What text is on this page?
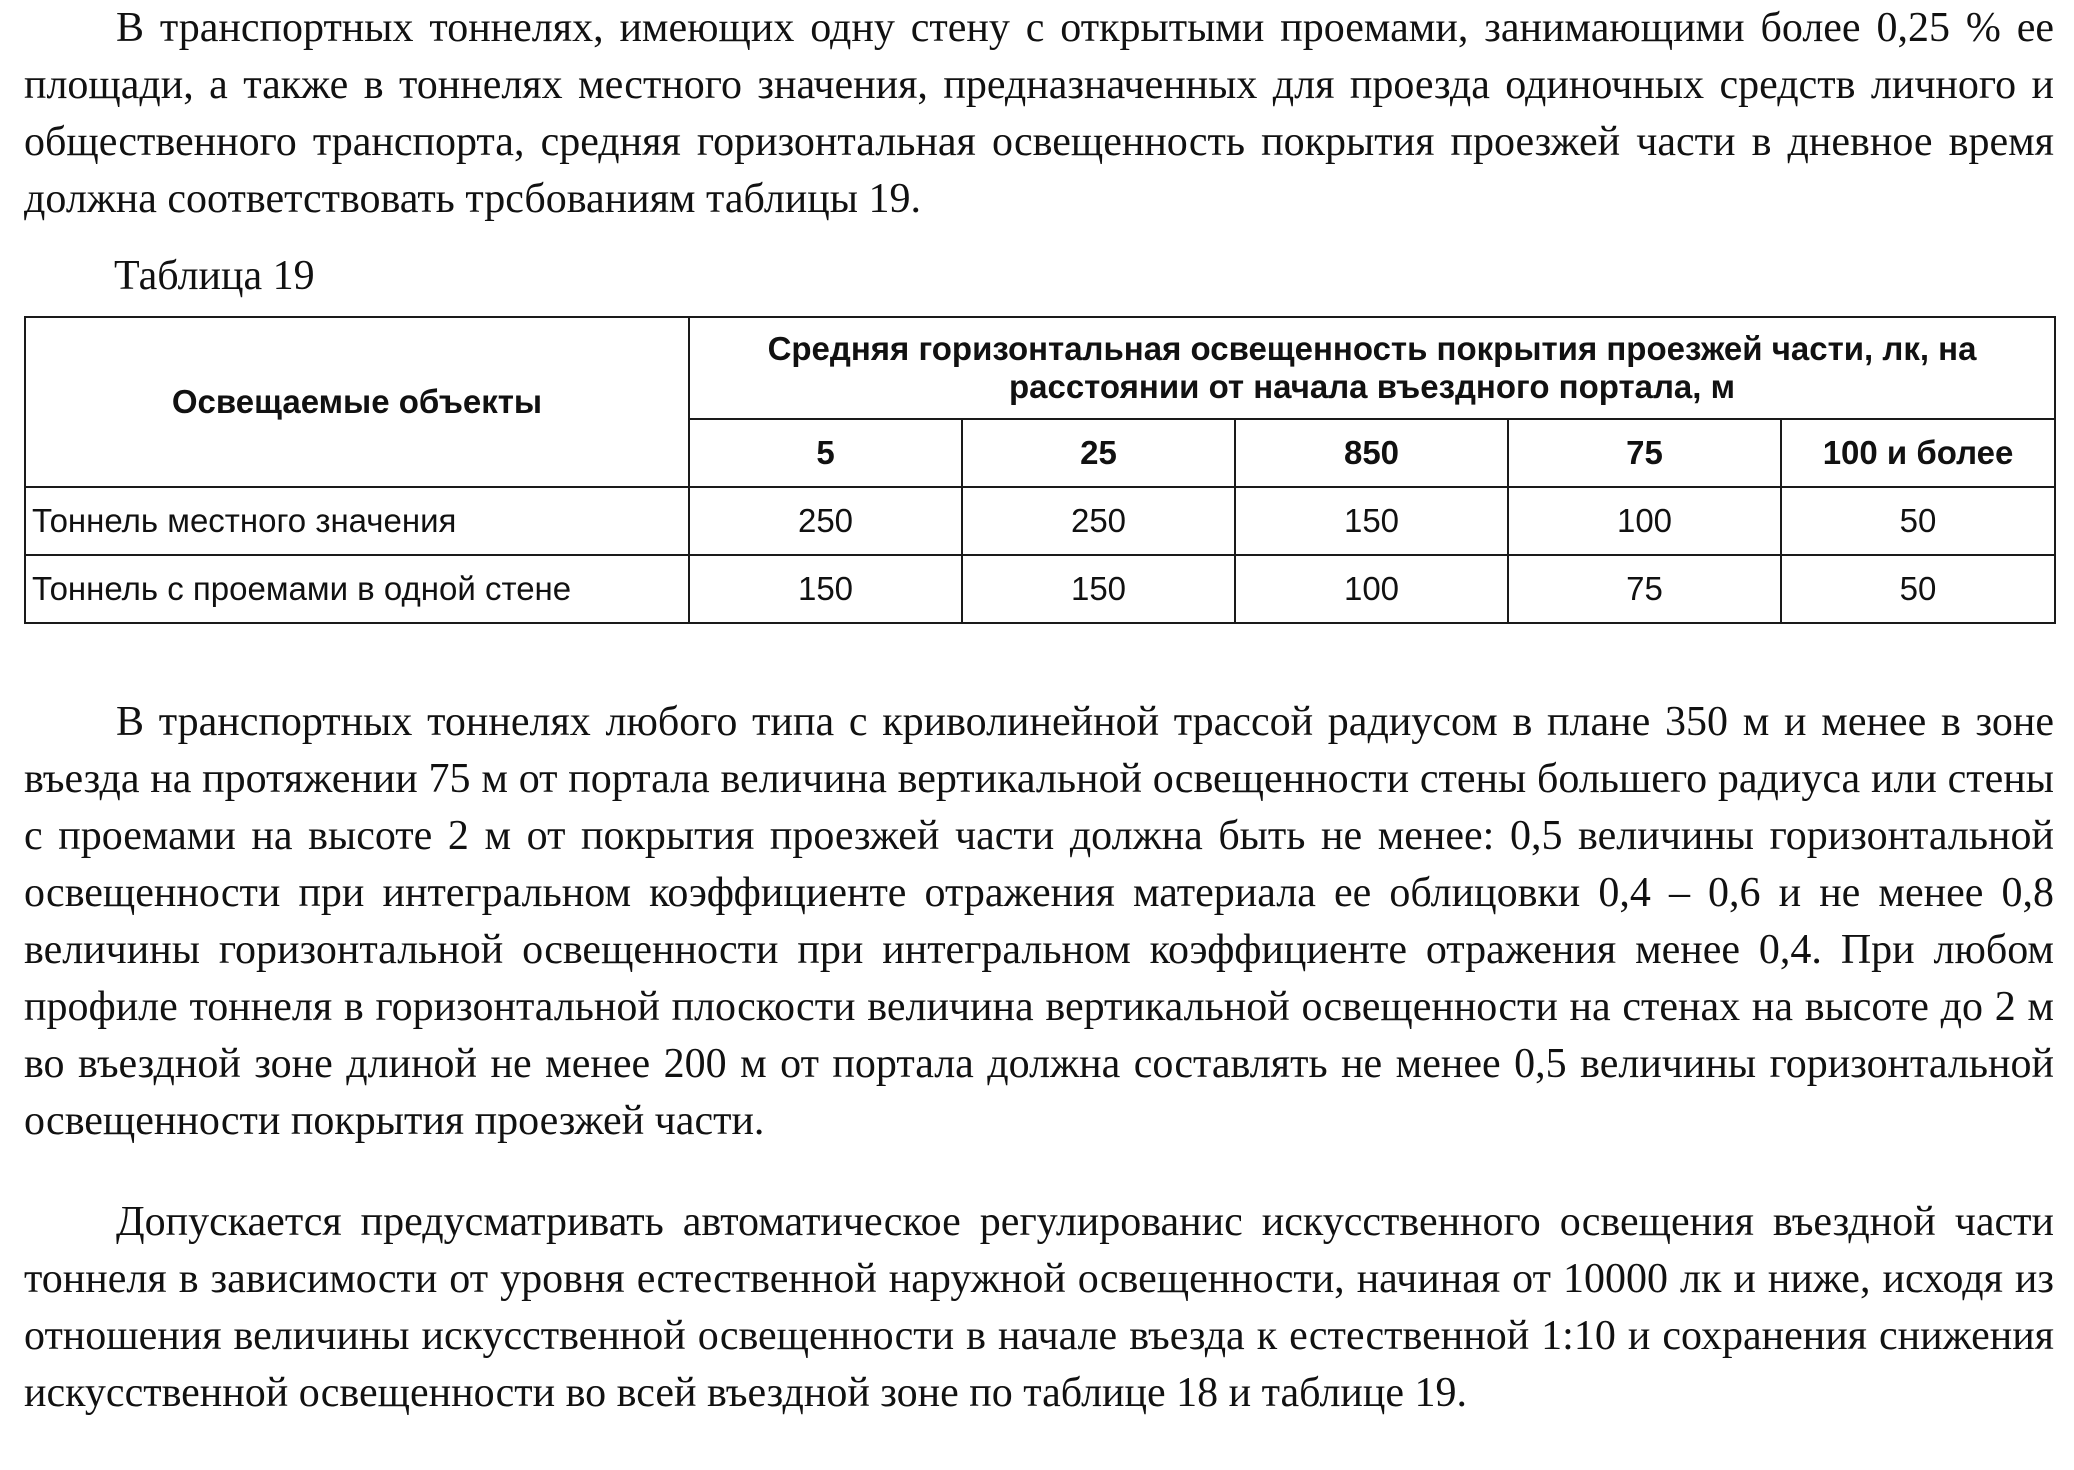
В транспортных тоннелях, имеющих одну стену с открытыми проемами, занимающими более 0,25 % ее площади, а также в тоннелях местного значения, предназначенных для проезда одиночных средств личного и общественного транспорта, средняя горизонтальная освещенность покрытия проезжей части в дневное время должна соответствовать трсбованиям таблицы 19.

Таблица 19

Освещаемые объекты	Средняя горизонтальная освещенность покрытия проезжей части, лк, на расстоянии от начала въездного портала, м				
	5	25	850	75	100 и более
Тоннель местного значения	250	250	150	100	50
Тоннель с проемами в одной стене	150	150	100	75	50

В транспортных тоннелях любого типа с криволинейной трассой радиусом в плане 350 м и менее в зоне въезда на протяжении 75 м от портала величина вертикальной освещенности стены большего радиуса или стены с проемами на высоте 2 м от покрытия проезжей части должна быть не менее: 0,5 величины горизонтальной освещенности при интегральном коэффициенте отражения материала ее облицовки 0,4 – 0,6 и не менее 0,8 величины горизонтальной освещенности при интегральном коэффициенте отражения менее 0,4. При любом профиле тоннеля в горизонтальной плоскости величина вертикальной освещенности на стенах на высоте до 2 м во въездной зоне длиной не менее 200 м от портала должна составлять не менее 0,5 величины горизонтальной освещенности покрытия проезжей части.

Допускается предусматривать автоматическое регулированис искусственного освещения въездной части тоннеля в зависимости от уровня естественной наружной освещенности, начиная от 10000 лк и ниже, исходя из отношения величины искусственной освещенности в начале въезда к естественной 1:10 и сохранения снижения искусственной освещенности во всей въездной зоне по таблице 18 и таблице 19.
